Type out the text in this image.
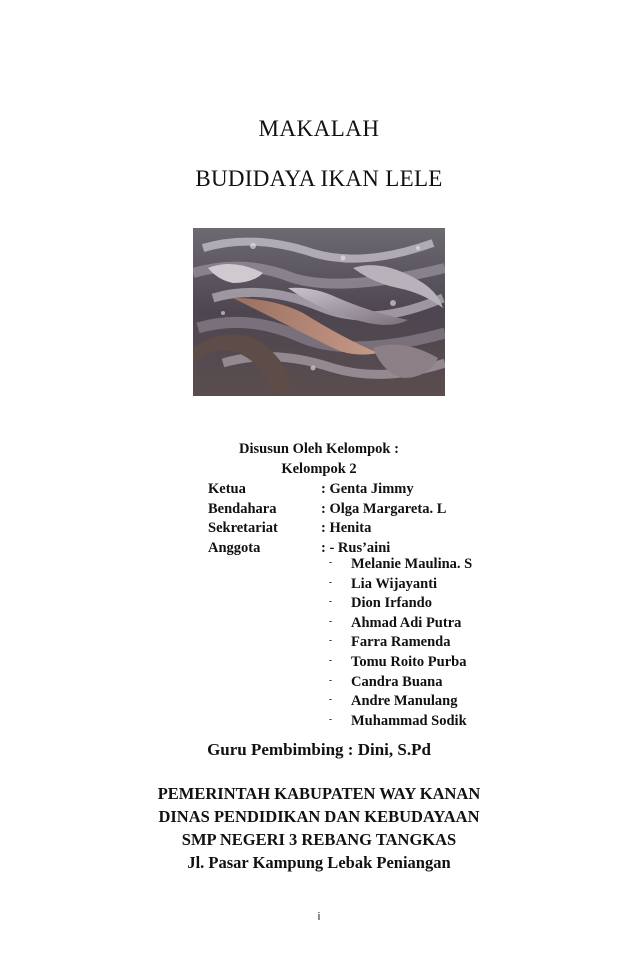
MAKALAH
BUDIDAYA IKAN LELE
Disusun Oleh Kelompok :
Kelompok 2
Ketua	: Genta Jimmy
Bendahara	: Olga Margareta. L
Sekretariat	: Henita
Anggota	: - Rus’aini
- Melanie Maulina. S
- Lia Wijayanti
- Dion Irfando
- Ahmad Adi Putra
- Farra Ramenda
- Tomu Roito Purba
- Candra Buana
- Andre Manulang
- Muhammad Sodik
Guru Pembimbing : Dini, S.Pd
PEMERINTAH KABUPATEN WAY KANAN
DINAS PENDIDIKAN DAN KEBUDAYAAN
SMP NEGERI 3 REBANG TANGKAS
Jl. Pasar Kampung Lebak Peniangan
i
